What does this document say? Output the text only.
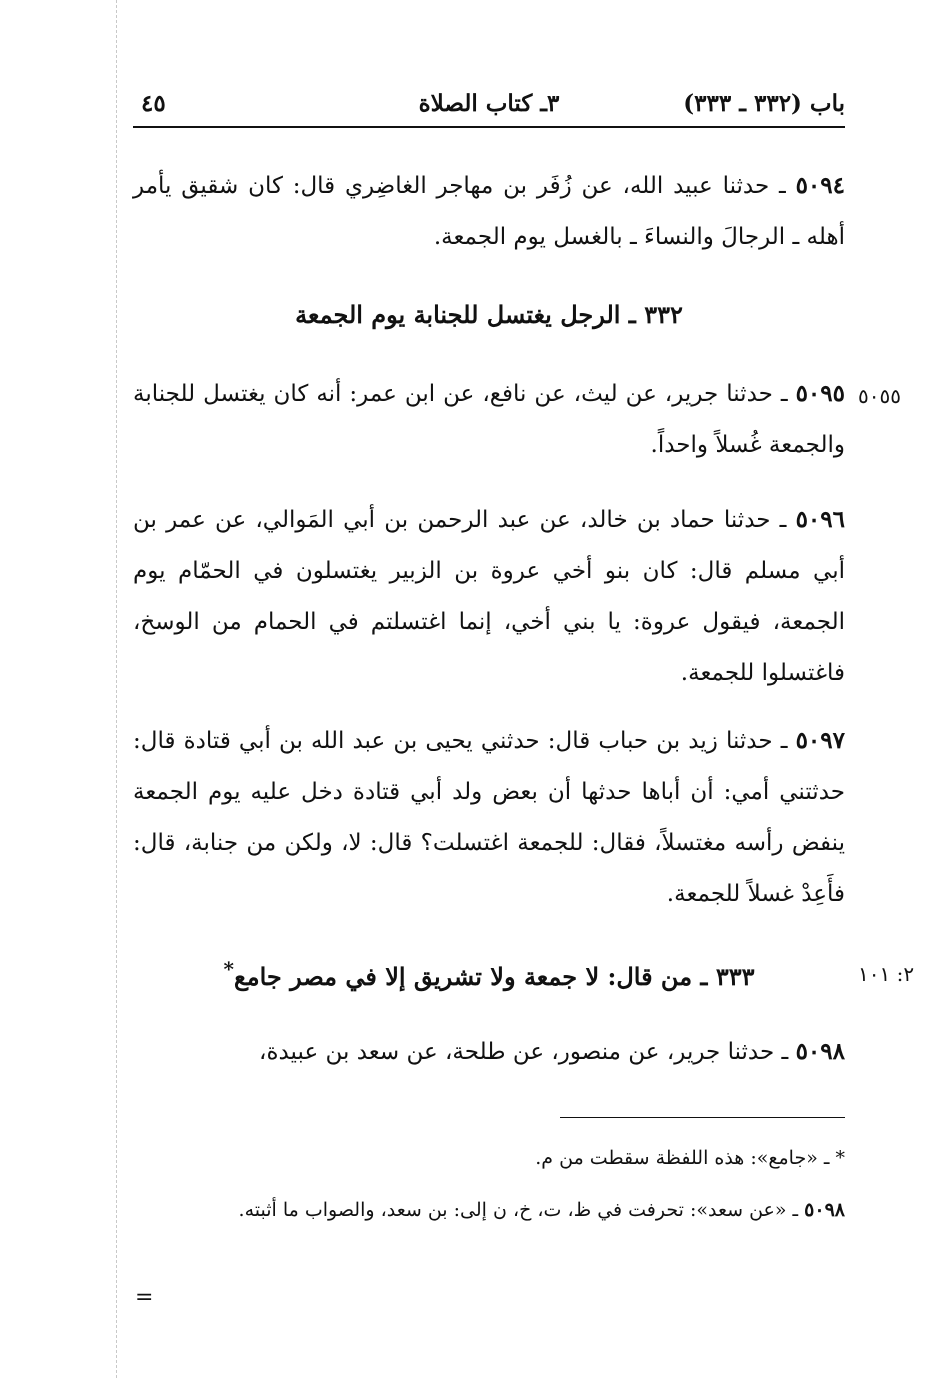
باب (٣٣٢ ـ ٣٣٣)
٣ـ كتاب الصلاة
٤٥
٥٠٩٤ ـ حدثنا عبيد الله، عن زُفَر بن مهاجر الغاضِري قال: كان شقيق يأمر أهله ـ الرجالَ والنساءَ ـ بالغسل يوم الجمعة.
٣٣٢ ـ الرجل يغتسل للجنابة يوم الجمعة
٥٠٥٥
٥٠٩٥ ـ حدثنا جرير، عن ليث، عن نافع، عن ابن عمر: أنه كان يغتسل للجنابة والجمعة غُسلاً واحداً.
٥٠٩٦ ـ حدثنا حماد بن خالد، عن عبد الرحمن بن أبي المَوالي، عن عمر بن أبي مسلم قال: كان بنو أخي عروة بن الزبير يغتسلون في الحمّام يوم الجمعة، فيقول عروة: يا بني أخي، إنما اغتسلتم في الحمام من الوسخ، فاغتسلوا للجمعة.
٥٠٩٧ ـ حدثنا زيد بن حباب قال: حدثني يحيى بن عبد الله بن أبي قتادة قال: حدثتني أمي: أن أباها حدثها أن بعض ولد أبي قتادة دخل عليه يوم الجمعة ينفض رأسه مغتسلاً، فقال: للجمعة اغتسلت؟ قال: لا، ولكن من جنابة، قال: فأَعِدْ غسلاً للجمعة.
٢: ١٠١
٣٣٣ ـ من قال: لا جمعة ولا تشريق إلا في مصر جامع*
٥٠٩٨ ـ حدثنا جرير، عن منصور، عن طلحة، عن سعد بن عبيدة،
* ـ «جامع»: هذه اللفظة سقطت من م.
٥٠٩٨ ـ «عن سعد»: تحرفت في ظ، ت، خ، ن إلى: بن سعد، والصواب ما أثبته.
=
